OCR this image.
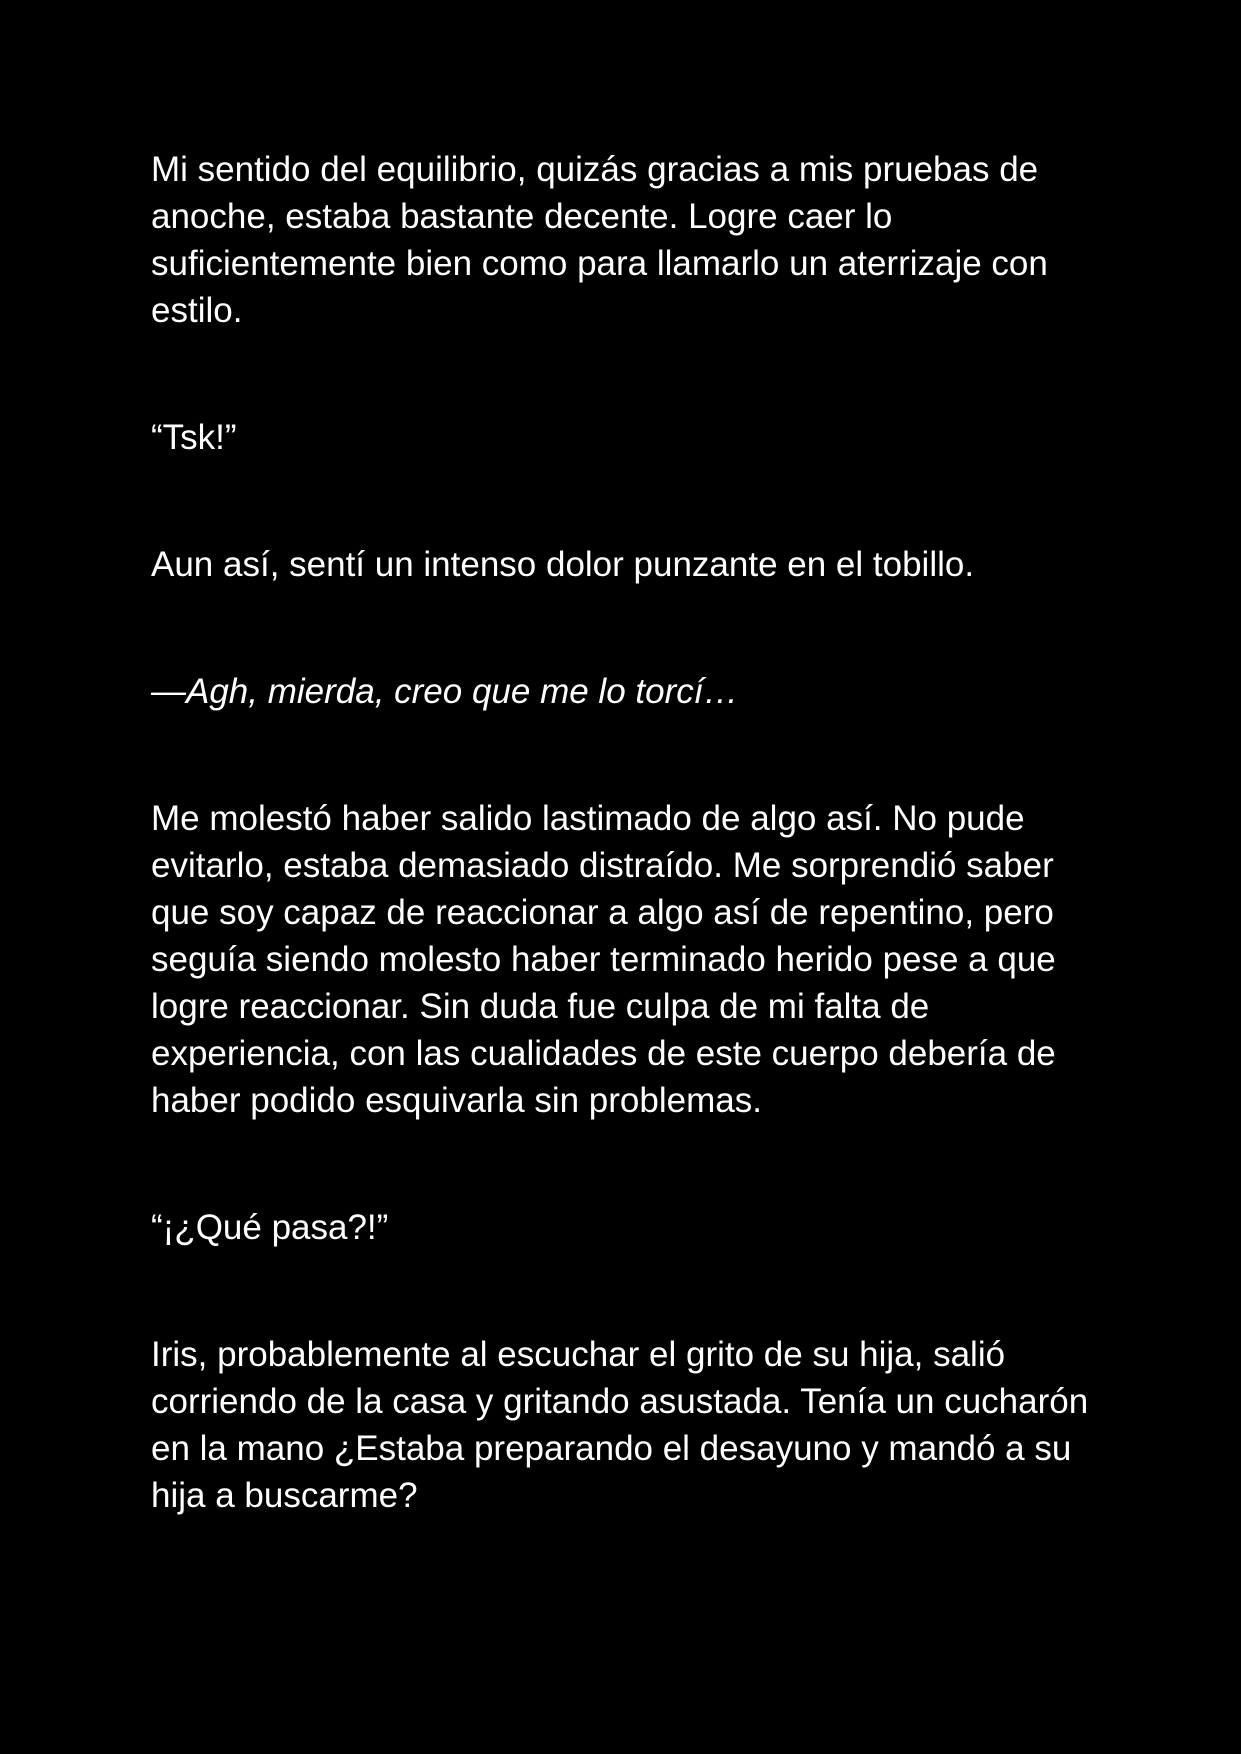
Mi sentido del equilibrio, quizás gracias a mis pruebas de anoche, estaba bastante decente. Logre caer lo suficientemente bien como para llamarlo un aterrizaje con estilo.

“Tsk!”

Aun así, sentí un intenso dolor punzante en el tobillo.

—Agh, mierda, creo que me lo torcí…

Me molestó haber salido lastimado de algo así. No pude evitarlo, estaba demasiado distraído. Me sorprendió saber que soy capaz de reaccionar a algo así de repentino, pero seguía siendo molesto haber terminado herido pese a que logre reaccionar. Sin duda fue culpa de mi falta de experiencia, con las cualidades de este cuerpo debería de haber podido esquivarla sin problemas.

“¡¿Qué pasa?!”

Iris, probablemente al escuchar el grito de su hija, salió corriendo de la casa y gritando asustada. Tenía un cucharón en la mano ¿Estaba preparando el desayuno y mandó a su hija a buscarme?
